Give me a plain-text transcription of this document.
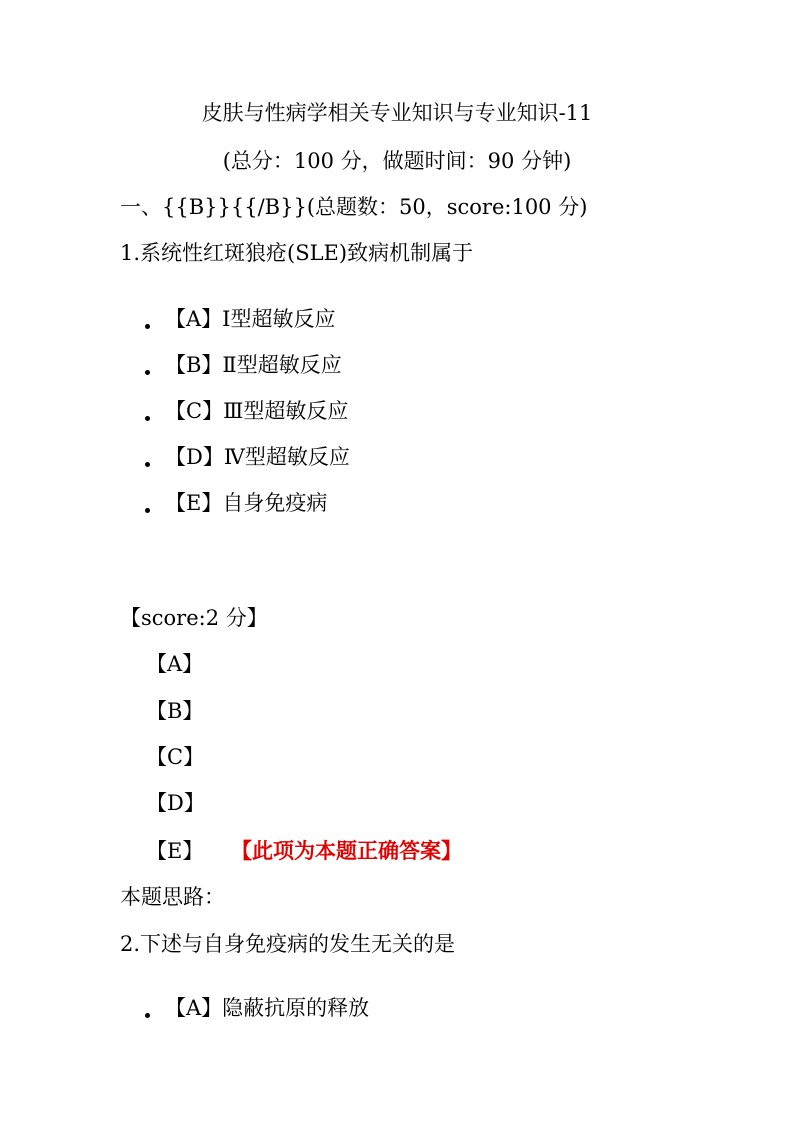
皮肤与性病学相关专业知识与专业知识-11
(总分：100 分，做题时间：90 分钟)
一、{{B}}{{/B}}(总题数：50，score:100 分)
1.系统性红斑狼疮(SLE)致病机制属于
【A】Ⅰ型超敏反应
【B】Ⅱ型超敏反应
【C】Ⅲ型超敏反应
【D】Ⅳ型超敏反应
【E】自身免疫病
【score:2 分】
【A】
【B】
【C】
【D】
【E】 【此项为本题正确答案】
本题思路：
2.下述与自身免疫病的发生无关的是
【A】隐蔽抗原的释放
